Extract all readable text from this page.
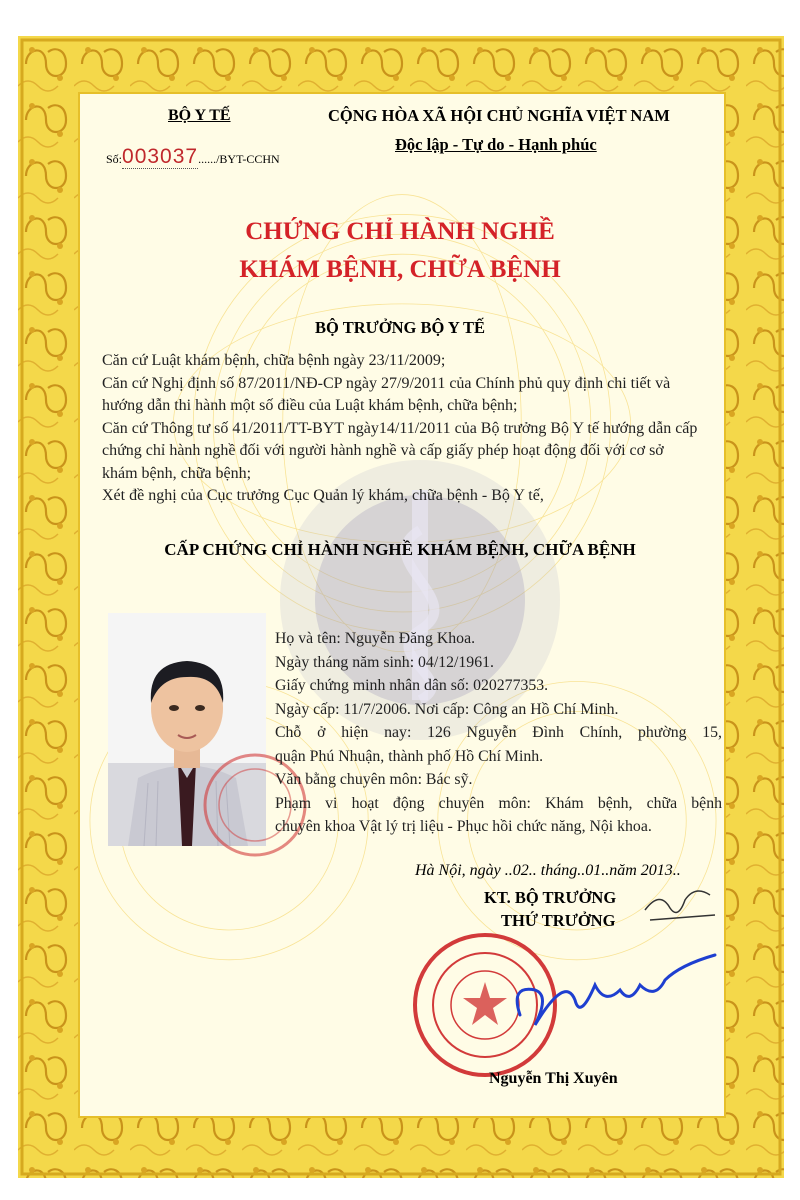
BỘ Y TẾ
Số:003037....../BYT-CCHN
CỘNG HÒA XÃ HỘI CHỦ NGHĨA VIỆT NAM
Độc lập - Tự do - Hạnh phúc
CHỨNG CHỈ HÀNH NGHỀ
KHÁM BỆNH, CHỮA BỆNH
BỘ TRƯỞNG BỘ Y TẾ

Căn cứ Luật khám bệnh, chữa bệnh ngày 23/11/2009;

Căn cứ Nghị định số 87/2011/NĐ-CP ngày 27/9/2011 của Chính phủ quy định chi tiết và hướng dẫn thi hành một số điều của Luật khám bệnh, chữa bệnh;

Căn cứ Thông tư số 41/2011/TT-BYT ngày14/11/2011 của Bộ trưởng Bộ Y tế hướng dẫn cấp chứng chỉ hành nghề đối với người hành nghề và cấp giấy phép hoạt động đối với cơ sở khám bệnh, chữa bệnh;

Xét đề nghị của Cục trưởng Cục Quản lý khám, chữa bệnh - Bộ Y tế,

CẤP CHỨNG CHỈ HÀNH NGHỀ KHÁM BỆNH, CHỮA BỆNH

Họ và tên: Nguyễn Đăng Khoa.

Ngày tháng năm sinh: 04/12/1961.

Giấy chứng minh nhân dân số: 020277353.

Ngày cấp: 11/7/2006. Nơi cấp: Công an Hồ Chí Minh.

Chỗ ở hiện nay: 126 Nguyễn Đình Chính, phường 15,

quận Phú Nhuận, thành phố Hồ Chí Minh.

Văn bằng chuyên môn: Bác sỹ.

Phạm vi hoạt động chuyên môn: Khám bệnh, chữa bệnh

chuyên khoa Vật lý trị liệu - Phục hồi chức năng, Nội khoa.

Hà Nội, ngày ..02.. tháng..01..năm 2013..
KT. BỘ TRƯỞNG
THỨ TRƯỞNG
Nguyễn Thị Xuyên
